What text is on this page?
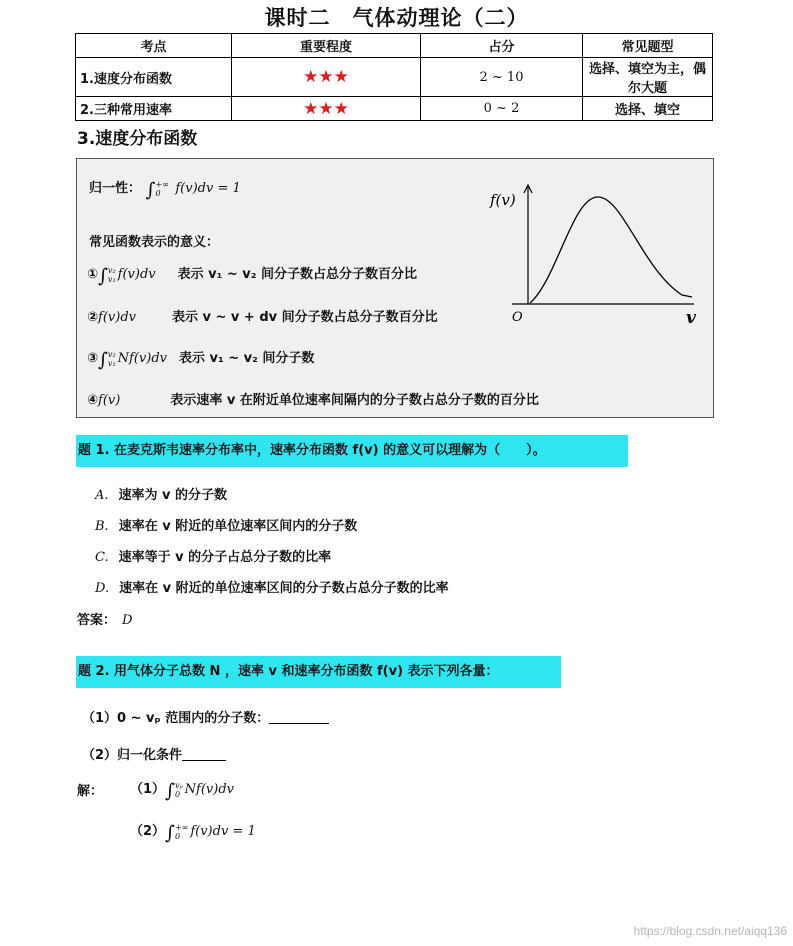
课时二　气体动理论（二）
考点	重要程度	占分	常见题型
1.速度分布函数	★★★	2 ~ 10	选择、填空为主，偶尔大题
2.三种常用速率	★★★	0 ~ 2	选择、填空
3.速度分布函数
归一性： ∫+∞
0 f(v)dv = 1
常见函数表示的意义：
①∫v₂
v₁ f(v)dv 表示 v₁ ~ v₂ 间分子数占总分子数百分比
②f(v)dv	表示 v ~ v + dv 间分子数占总分子数百分比
③∫v₂
v₁ Nf(v)dv 表示 v₁ ~ v₂ 间分子数
④f(v)	表示速率 v 在附近单位速率间隔内的分子数占总分子数的百分比
f(v)
O	v
题 1. 在麦克斯韦速率分布率中，速率分布函数 f(v) 的意义可以理解为（　　）。
A. 速率为 v 的分子数
B. 速率在 v 附近的单位速率区间内的分子数
C. 速率等于 v 的分子占总分子数的比率
D. 速率在 v 附近的单位速率区间的分子数占总分子数的比率
答案： D
题 2. 用气体分子总数 N ，速率 v 和速率分布函数 f(v) 表示下列各量：
（1）0 ~ vₚ 范围内的分子数：
（2）归一化条件
解： （1）∫vₚ
0 Nf(v)dv
（2）∫+∞
0 f(v)dv = 1
https://blog.csdn.net/aiqq136
